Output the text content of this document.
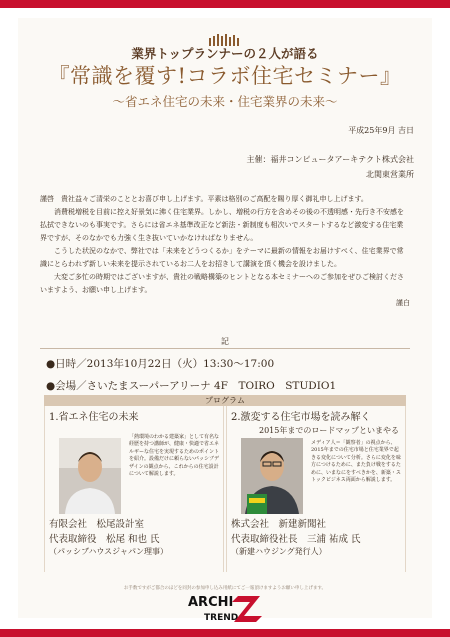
業界トップランナーの２人が語る
『常識を覆す!コラボ住宅セミナー』
〜省エネ住宅の未来・住宅業界の未来〜
平成25年9月 吉日
主催：福井コンピュータアーキテクト株式会社
北関東営業所

謹啓　貴社益々ご清栄のこととお喜び申し上げます。平素は格別のご高配を賜り厚く御礼申し上げます。

消費税増税を目前に控え好景気に沸く住宅業界。しかし、増税の行方を含めその後の不透明感・先行き不安感を払拭できないのも事実です。さらには省エネ基準改正など新法・新制度も相次いでスタートするなど激変する住宅業界ですが、そのなかでも力強く生き抜いていかなければなりません。

こうした状況のなかで、弊社では「未来をどうつくるか」をテーマに最新の情報をお届けすべく、住宅業界で常識にとらわれず新しい未来を提示されているお二人をお招きして講演を頂く機会を設けました。

大変ご多忙の時期ではございますが、貴社の戦略構築のヒントとなる本セミナーへのご参加をぜひご検討くださいますよう、お願い申し上げます。

謹白

記
●日時／2013年10月22日（火）13:30〜17:00
●会場／さいたまスーパーアリーナ 4F　TOIRO　STUDIO1
プログラム
1.省エネ住宅の未来
「熱環境のわかる建築家」として有名な経歴を持つ講師が、健康・快適で省エネルギーな住宅を実現するためのポイントを紹介。設備だけに頼らないパッシブデザインの観点から、これからの住宅設計について解説します。
有限会社　松尾設計室
代表取締役　松尾 和也 氏
（パッシブハウスジャパン理事）
2.激変する住宅市場を読み解く
2015年までのロードマップといまやる
メディア人＝「観察者」の視点から、2015年までの住宅市場と住宅業界で起きる変化について分析。さらに変化を味方につけるために、また負け戦をするために、いまなにをすべきかを、新築・ストックビジネス両面から解説します。
株式会社　新建新聞社
代表取締役社長　三浦 祐成 氏
（新建ハウジング発行人）
お手数ですがご都合のほどを同封の参加申し込み用紙にてご一報頂けますようお願い申し上げます。
ARCHI
TREND
